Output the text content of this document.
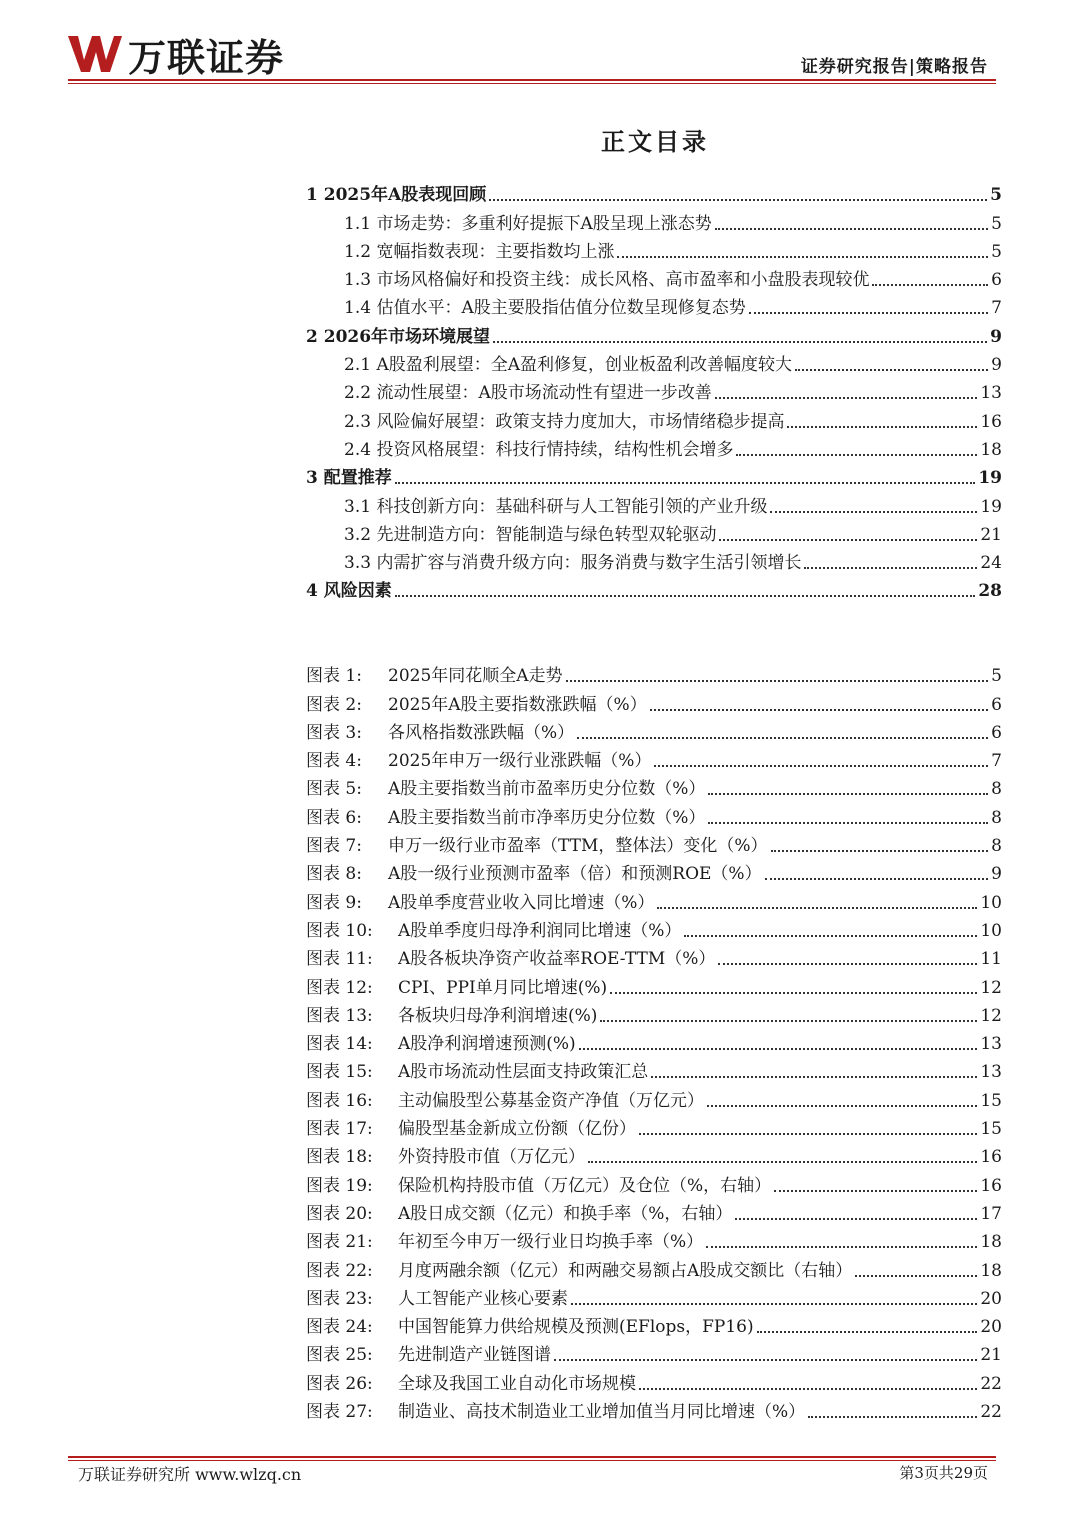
万联证券	证券研究报告|策略报告
正文目录
1 2025年A股表现回顾	5
1.1 市场走势：多重利好提振下A股呈现上涨态势	5
1.2 宽幅指数表现：主要指数均上涨	5
1.3 市场风格偏好和投资主线：成长风格、高市盈率和小盘股表现较优	6
1.4 估值水平：A股主要股指估值分位数呈现修复态势	7
2 2026年市场环境展望	9
2.1 A股盈利展望：全A盈利修复，创业板盈利改善幅度较大	9
2.2 流动性展望：A股市场流动性有望进一步改善	13
2.3 风险偏好展望：政策支持力度加大，市场情绪稳步提高	16
2.4 投资风格展望：科技行情持续，结构性机会增多	18
3 配置推荐	19
3.1 科技创新方向：基础科研与人工智能引领的产业升级	19
3.2 先进制造方向：智能制造与绿色转型双轮驱动	21
3.3 内需扩容与消费升级方向：服务消费与数字生活引领增长	24
4 风险因素	28
图表 1:	2025年同花顺全A走势	5
图表 2:	2025年A股主要指数涨跌幅（%）	6
图表 3:	各风格指数涨跌幅（%）	6
图表 4:	2025年申万一级行业涨跌幅（%）	7
图表 5:	A股主要指数当前市盈率历史分位数（%）	8
图表 6:	A股主要指数当前市净率历史分位数（%）	8
图表 7:	申万一级行业市盈率（TTM，整体法）变化（%）	8
图表 8:	A股一级行业预测市盈率（倍）和预测ROE（%）	9
图表 9:	A股单季度营业收入同比增速（%）	10
图表 10:	A股单季度归母净利润同比增速（%）	10
图表 11:	A股各板块净资产收益率ROE-TTM（%）	11
图表 12:	CPI、PPI单月同比增速(%)	12
图表 13:	各板块归母净利润增速(%)	12
图表 14:	A股净利润增速预测(%)	13
图表 15:	A股市场流动性层面支持政策汇总	13
图表 16:	主动偏股型公募基金资产净值（万亿元）	15
图表 17:	偏股型基金新成立份额（亿份）	15
图表 18:	外资持股市值（万亿元）	16
图表 19:	保险机构持股市值（万亿元）及仓位（%，右轴）	16
图表 20:	A股日成交额（亿元）和换手率（%，右轴）	17
图表 21:	年初至今申万一级行业日均换手率（%）	18
图表 22:	月度两融余额（亿元）和两融交易额占A股成交额比（右轴）	18
图表 23:	人工智能产业核心要素	20
图表 24:	中国智能算力供给规模及预测(EFlops，FP16)	20
图表 25:	先进制造产业链图谱	21
图表 26:	全球及我国工业自动化市场规模	22
图表 27:	制造业、高技术制造业工业增加值当月同比增速（%）	22
万联证券研究所 www.wlzq.cn	第3页共29页
